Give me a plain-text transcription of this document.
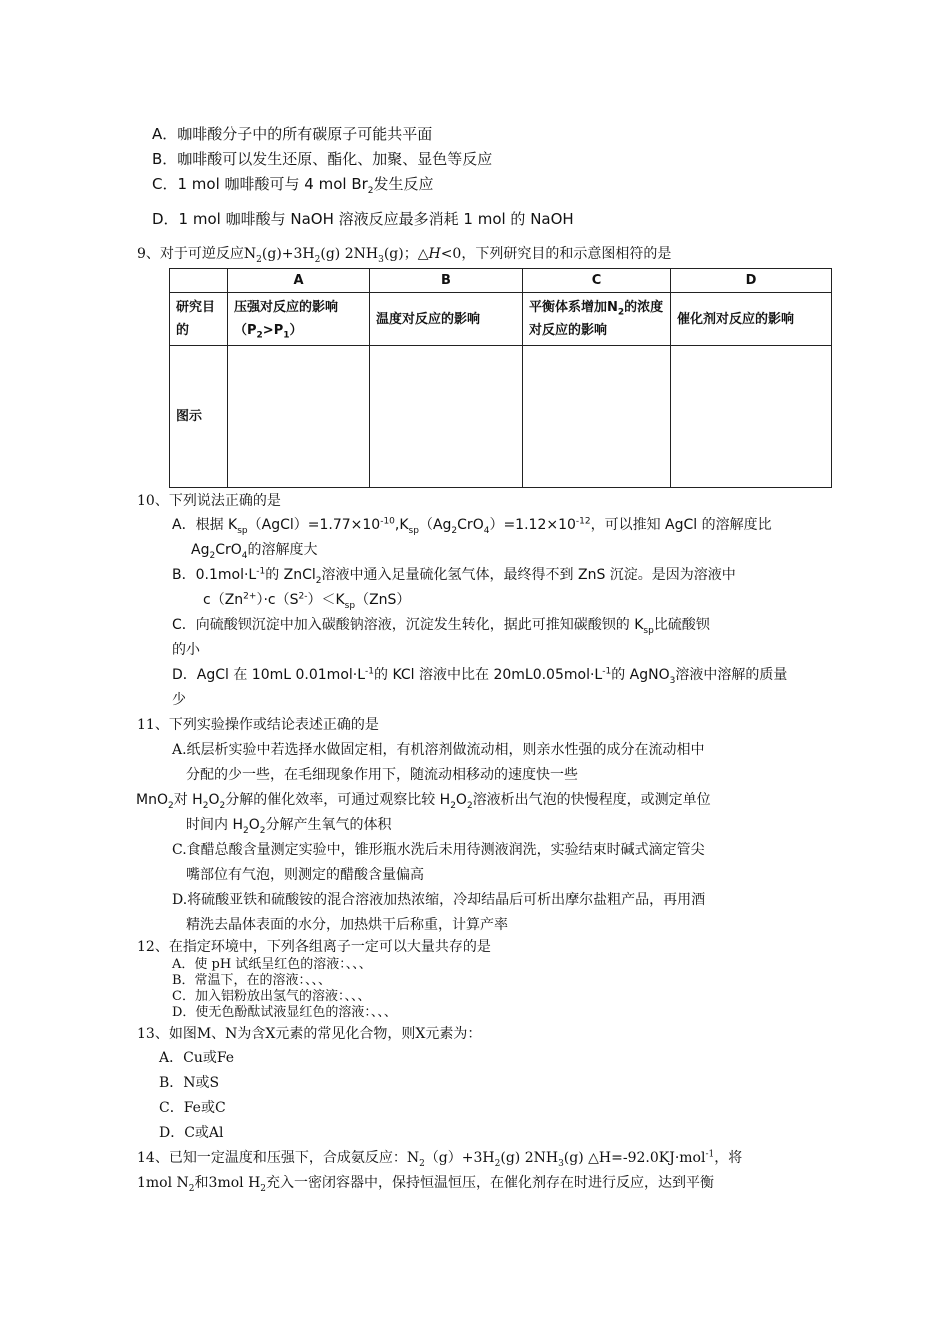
A．咖啡酸分子中的所有碳原子可能共平面
B．咖啡酸可以发生还原、酯化、加聚、显色等反应
C．1 mol 咖啡酸可与 4 mol $Br_2$发生反应
D．1 mol 咖啡酸与 NaOH 溶液反应最多消耗 1 mol 的 NaOH
9、对于可逆反应$N_2(g)+3H_2(g)$ $2NH_3(g)$；△H<0，下列研究目的和示意图相符的是
	A	B	C	D
研究目的	压强对反应的影响$(P_2>P_1)$	温度对反应的影响	平衡体系增加$N_2$的浓度 对反应的影响	催化剂对反应的影响
图示				
10、下列说法正确的是
A．根据 $K_{sp}(AgCl)=1.77\times 10^{-10},K_{sp}(Ag_2CrO_4)=1.12\times 10^{-12}$，可以推知 AgCl 的溶解度比
$Ag_2CrO_4$的溶解度大
B．$0.1mol\cdot L^{-1}$的 ZnCl$_2$溶液中通入足量硫化氢气体，最终得不到 ZnS 沉淀。是因为溶液中
$c(Zn^{2+})\cdot c(S^{2-})<K_{sp}(ZnS)$
C．向硫酸钡沉淀中加入碳酸钠溶液，沉淀发生转化，据此可推知碳酸钡的 $K_{sp}$比硫酸钡
的小
D．AgCl 在 10mL $0.01mol\cdot L^{-1}$的 KCl 溶液中比在 $20mL0.05mol\cdot L^{-1}$的 AgNO$_3$溶液中溶解的质量
少
11、下列实验操作或结论表述正确的是
A.纸层析实验中若选择水做固定相，有机溶剂做流动相，则亲水性强的成分在流动相中
分配的少一些，在毛细现象作用下，随流动相移动的速度快一些
MnO$_2$对 $H_2O_2$分解的催化效率，可通过观察比较 $H_2O_2$溶液析出气泡的快慢程度，或测定单位
时间内 $H_2O_2$分解产生氧气的体积
C.食醋总酸含量测定实验中，锥形瓶水洗后未用待测液润洗，实验结束时碱式滴定管尖
嘴部位有气泡，则测定的醋酸含量偏高
D.将硫酸亚铁和硫酸铵的混合溶液加热浓缩，冷却结晶后可析出摩尔盐粗产品，再用酒
精洗去晶体表面的水分，加热烘干后称重，计算产率
12、在指定环境中，下列各组离子一定可以大量共存的是
A．使 pH 试纸呈红色的溶液：、、、
B．常温下，在的溶液：、、、
C．加入铝粉放出氢气的溶液：、、、
D．使无色酚酞试液显红色的溶液：、、、
13、如图M、N为含X元素的常见化合物，则X元素为：
A．Cu或Fe
B．N或S
C．Fe或C
D．C或Al
14、已知一定温度和压强下，合成氨反应：$N_2(g)+3H_2(g)$ $2NH_3(g)$ △H=-92.0KJ·mol$^{-1}$，将
1mol $N_2$和3mol $H_2$充入一密闭容器中，保持恒温恒压，在催化剂存在时进行反应，达到平衡
